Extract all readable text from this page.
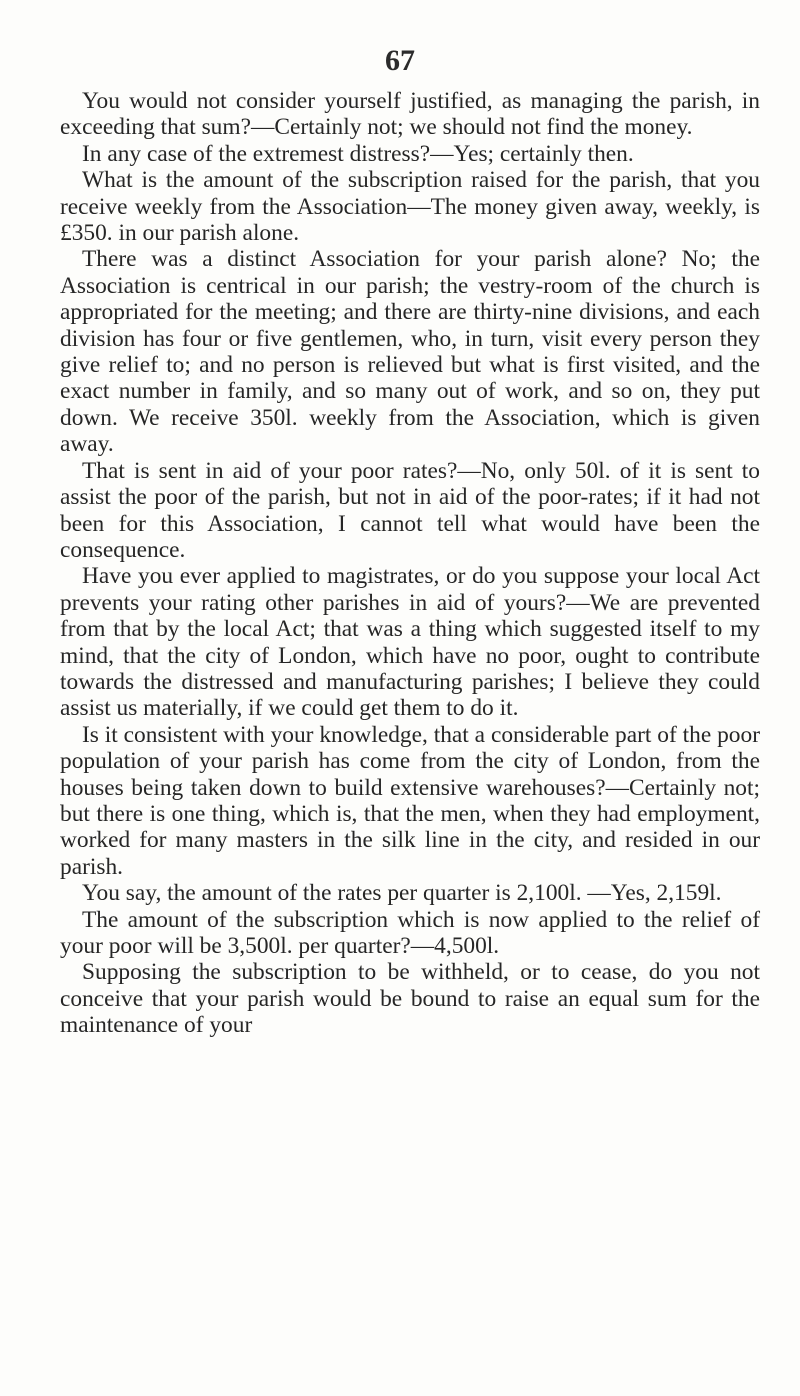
67

You would not consider yourself justified, as managing the parish, in exceeding that sum?—Certainly not; we should not find the money.

In any case of the extremest distress?—Yes; certainly then.

What is the amount of the subscription raised for the parish, that you receive weekly from the Association—The money given away, weekly, is £350. in our parish alone.

There was a distinct Association for your parish alone? No; the Association is centrical in our parish; the vestry-room of the church is appropriated for the meeting; and there are thirty-nine divisions, and each division has four or five gentlemen, who, in turn, visit every person they give relief to; and no person is relieved but what is first visited, and the exact number in family, and so many out of work, and so on, they put down. We receive 350l. weekly from the Association, which is given away.

That is sent in aid of your poor rates?—No, only 50l. of it is sent to assist the poor of the parish, but not in aid of the poor-rates; if it had not been for this Association, I cannot tell what would have been the consequence.

Have you ever applied to magistrates, or do you suppose your local Act prevents your rating other parishes in aid of yours?—We are prevented from that by the local Act; that was a thing which suggested itself to my mind, that the city of London, which have no poor, ought to contribute towards the distressed and manufacturing parishes; I believe they could assist us materially, if we could get them to do it.

Is it consistent with your knowledge, that a considerable part of the poor population of your parish has come from the city of London, from the houses being taken down to build extensive warehouses?—Certainly not; but there is one thing, which is, that the men, when they had employment, worked for many masters in the silk line in the city, and resided in our parish.

You say, the amount of the rates per quarter is 2,100l. —Yes, 2,159l.

The amount of the subscription which is now applied to the relief of your poor will be 3,500l. per quarter?—4,500l.

Supposing the subscription to be withheld, or to cease, do you not conceive that your parish would be bound to raise an equal sum for the maintenance of your
